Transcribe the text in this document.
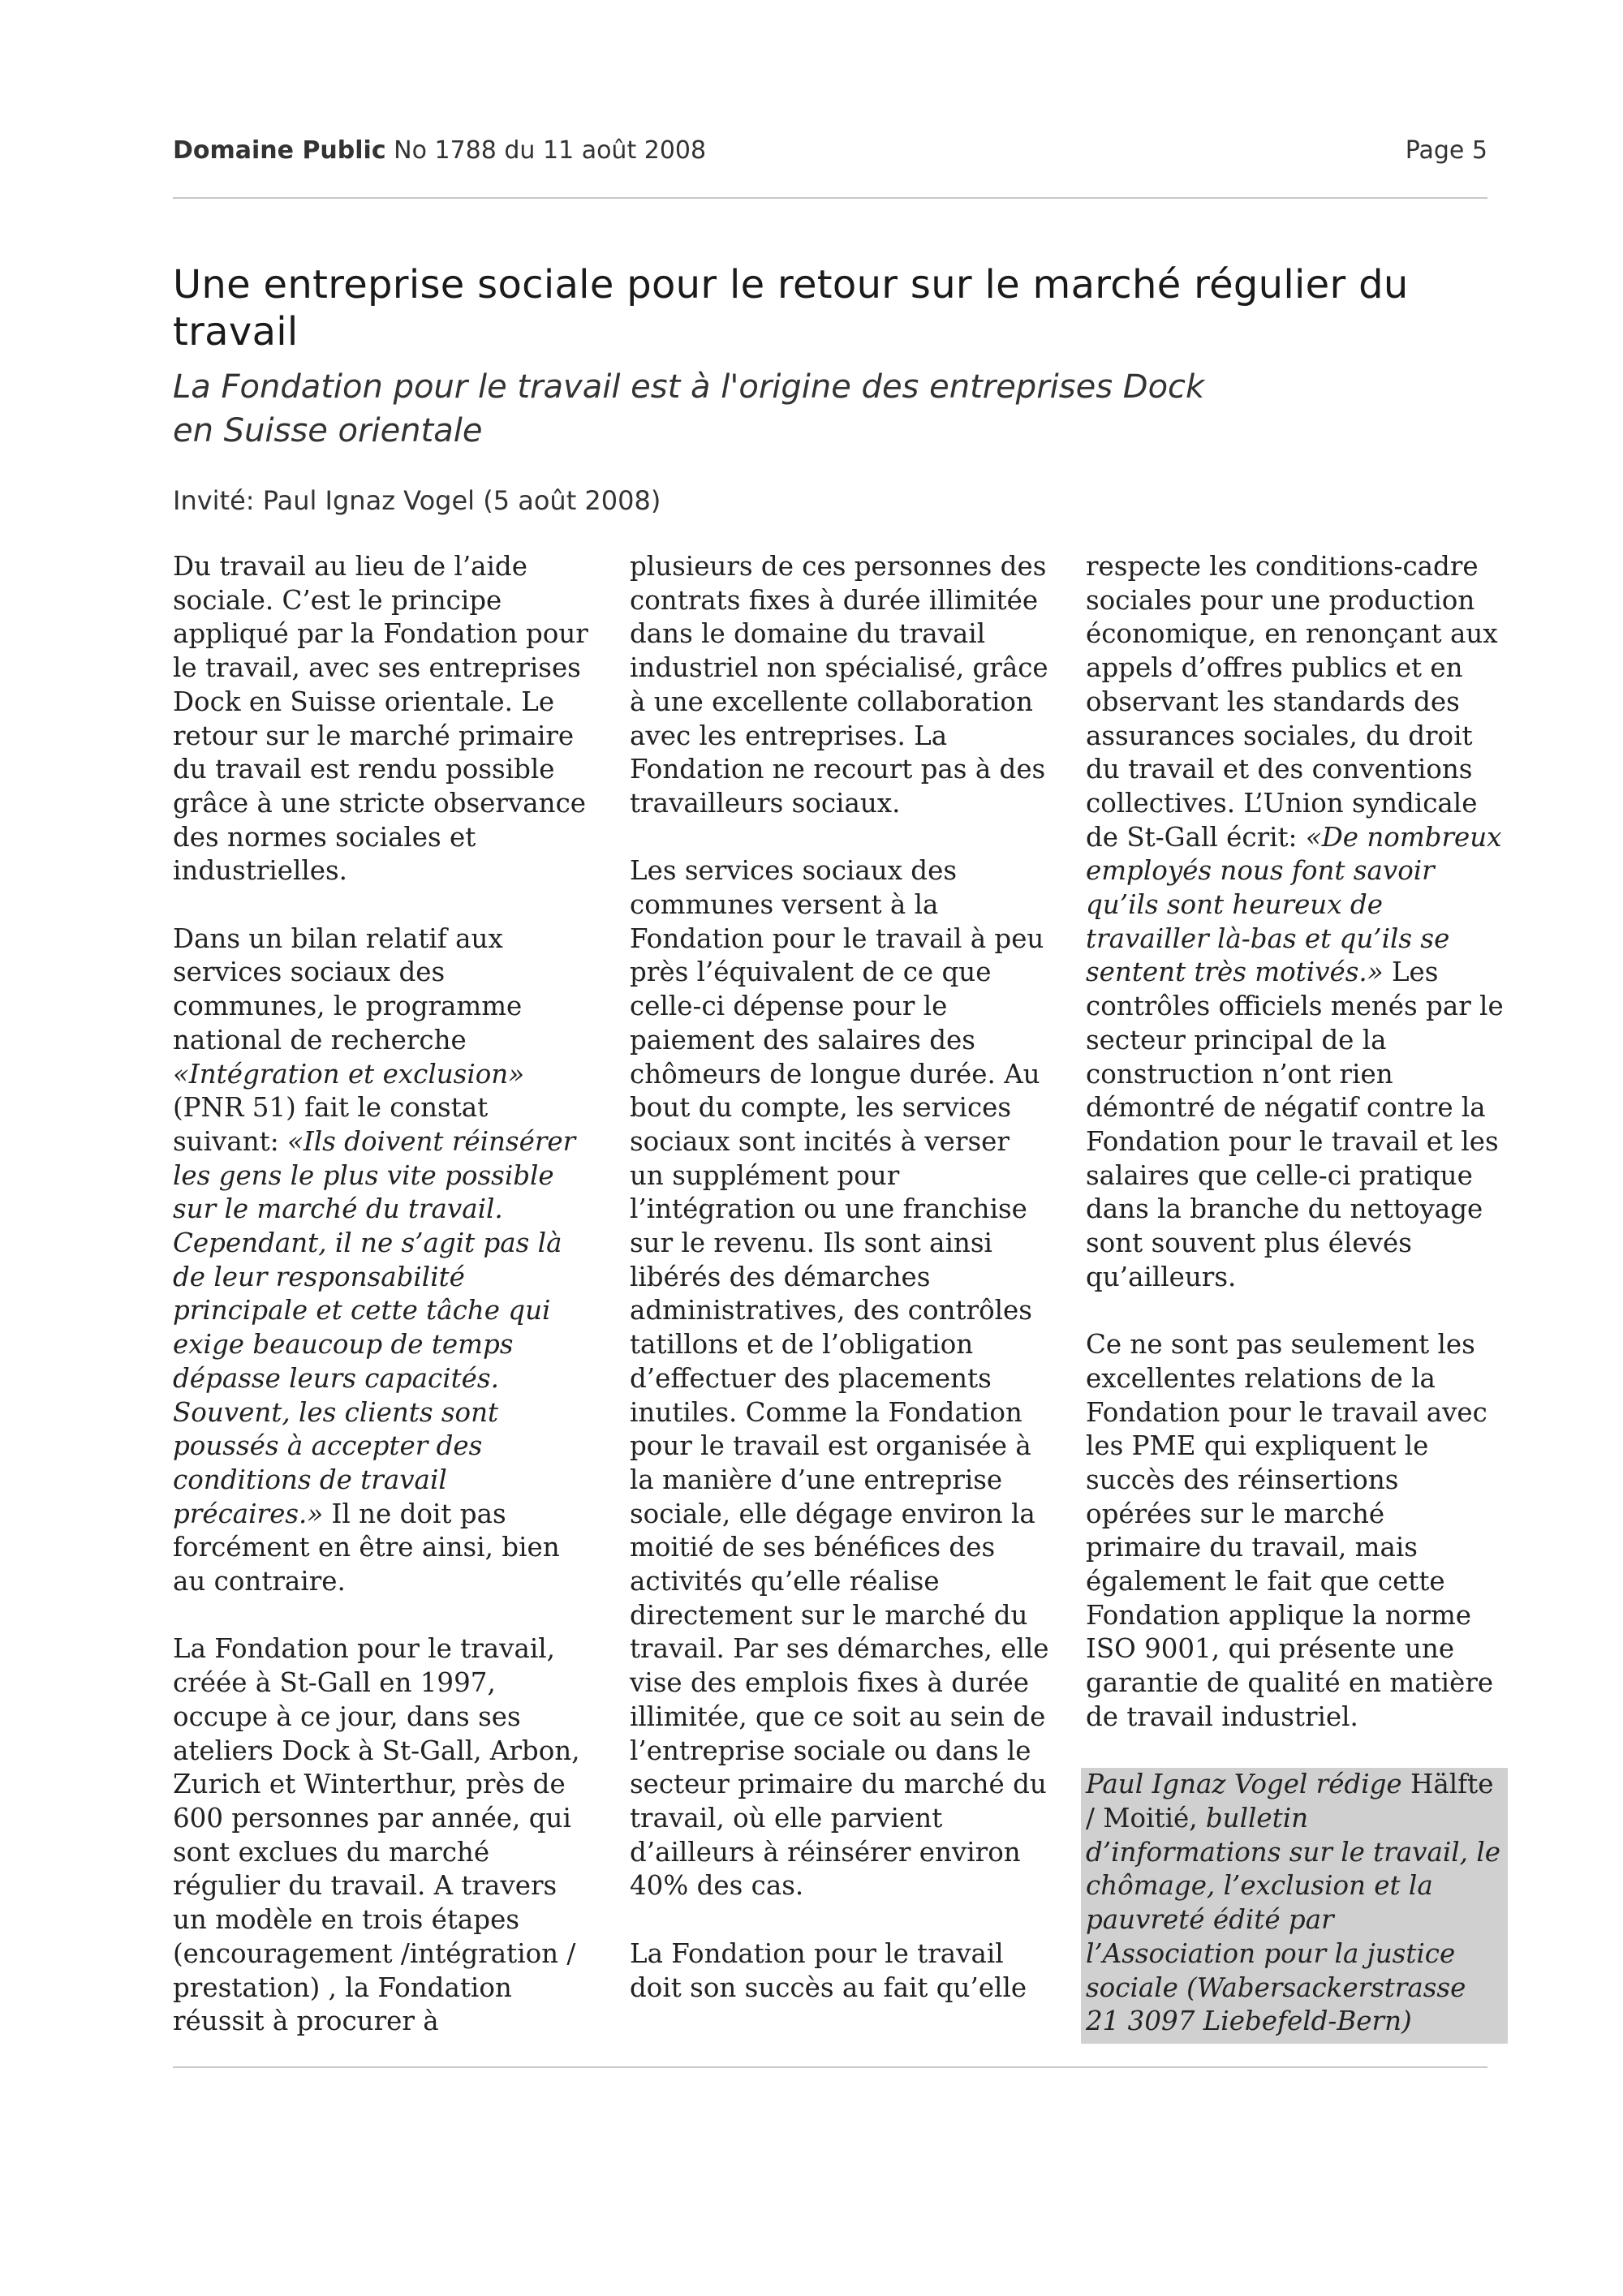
Domaine Public No 1788 du 11 août 2008	Page 5
Une entreprise sociale pour le retour sur le marché régulier du travail
La Fondation pour le travail est à l'origine des entreprises Dock
en Suisse orientale
Invité: Paul Ignaz Vogel (5 août 2008)

Du travail au lieu de l’aide sociale. C’est le principe appliqué par la Fondation pour le travail, avec ses entreprises Dock en Suisse orientale. Le retour sur le marché primaire du travail est rendu possible grâce à une stricte observance des normes sociales et industrielles.

Dans un bilan relatif aux services sociaux des communes, le programme national de recherche «Intégration et exclusion» (PNR 51) fait le constat suivant: «Ils doivent réinsérer les gens le plus vite possible sur le marché du travail. Cependant, il ne s’agit pas là de leur responsabilité principale et cette tâche qui exige beaucoup de temps dépasse leurs capacités. Souvent, les clients sont poussés à accepter des conditions de travail précaires.» Il ne doit pas forcément en être ainsi, bien au contraire.

La Fondation pour le travail, créée à St-Gall en 1997, occupe à ce jour, dans ses ateliers Dock à St-Gall, Arbon, Zurich et Winterthur, près de 600 personnes par année, qui sont exclues du marché régulier du travail. A travers un modèle en trois étapes (encouragement /intégration / prestation) , la Fondation réussit à procurer à

plusieurs de ces personnes des contrats fixes à durée illimitée dans le domaine du travail industriel non spécialisé, grâce à une excellente collaboration avec les entreprises. La Fondation ne recourt pas à des travailleurs sociaux.

Les services sociaux des communes versent à la Fondation pour le travail à peu près l’équivalent de ce que celle-ci dépense pour le paiement des salaires des chômeurs de longue durée. Au bout du compte, les services sociaux sont incités à verser un supplément pour l’intégration ou une franchise sur le revenu. Ils sont ainsi libérés des démarches administratives, des contrôles tatillons et de l’obligation d’effectuer des placements inutiles. Comme la Fondation pour le travail est organisée à la manière d’une entreprise sociale, elle dégage environ la moitié de ses bénéfices des activités qu’elle réalise directement sur le marché du travail. Par ses démarches, elle vise des emplois fixes à durée illimitée, que ce soit au sein de l’entreprise sociale ou dans le secteur primaire du marché du travail, où elle parvient d’ailleurs à réinsérer environ 40% des cas.

La Fondation pour le travail doit son succès au fait qu’elle

respecte les conditions-cadre sociales pour une production économique, en renonçant aux appels d’offres publics et en observant les standards des assurances sociales, du droit du travail et des conventions collectives. L’Union syndicale de St-Gall écrit: «De nombreux employés nous font savoir qu’ils sont heureux de travailler là-bas et qu’ils se sentent très motivés.» Les contrôles officiels menés par le secteur principal de la construction n’ont rien démontré de négatif contre la Fondation pour le travail et les salaires que celle-ci pratique dans la branche du nettoyage sont souvent plus élevés qu’ailleurs.

Ce ne sont pas seulement les excellentes relations de la Fondation pour le travail avec les PME qui expliquent le succès des réinsertions opérées sur le marché primaire du travail, mais également le fait que cette Fondation applique la norme ISO 9001, qui présente une garantie de qualité en matière de travail industriel.

Paul Ignaz Vogel rédige Hälfte / Moitié, bulletin d’informations sur le travail, le chômage, l’exclusion et la pauvreté édité par l’Association pour la justice sociale (Wabersackerstrasse 21 3097 Liebefeld-Bern)
